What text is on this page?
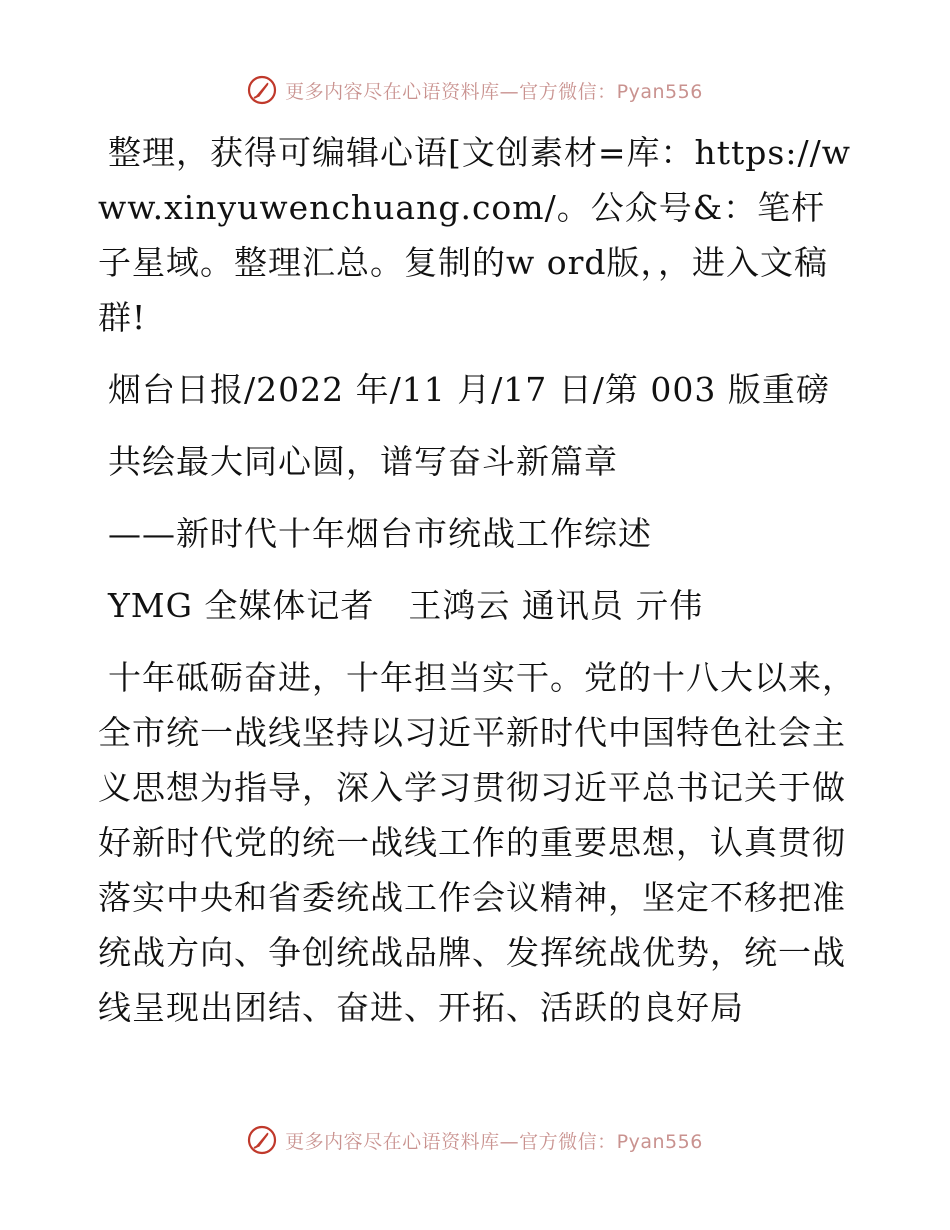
更多内容尽在心语资料库—官方微信：Pyan556

整理，获得可编辑心语[文创素材=库：https://www.xinyuwenchuang.com/。公众号&：笔杆子星域。整理汇总。复制的w ord版，，进入文稿群!

烟台日报/2022 年/11 月/17 日/第 003 版重磅

共绘最大同心圆，谱写奋斗新篇章

——新时代十年烟台市统战工作综述

YMG 全媒体记者　王鸿云 通讯员 亓伟

十年砥砺奋进，十年担当实干。党的十八大以来，全市统一战线坚持以习近平新时代中国特色社会主义思想为指导，深入学习贯彻习近平总书记关于做好新时代党的统一战线工作的重要思想，认真贯彻落实中央和省委统战工作会议精神，坚定不移把准统战方向、争创统战品牌、发挥统战优势，统一战线呈现出团结、奋进、开拓、活跃的良好局

更多内容尽在心语资料库—官方微信：Pyan556
